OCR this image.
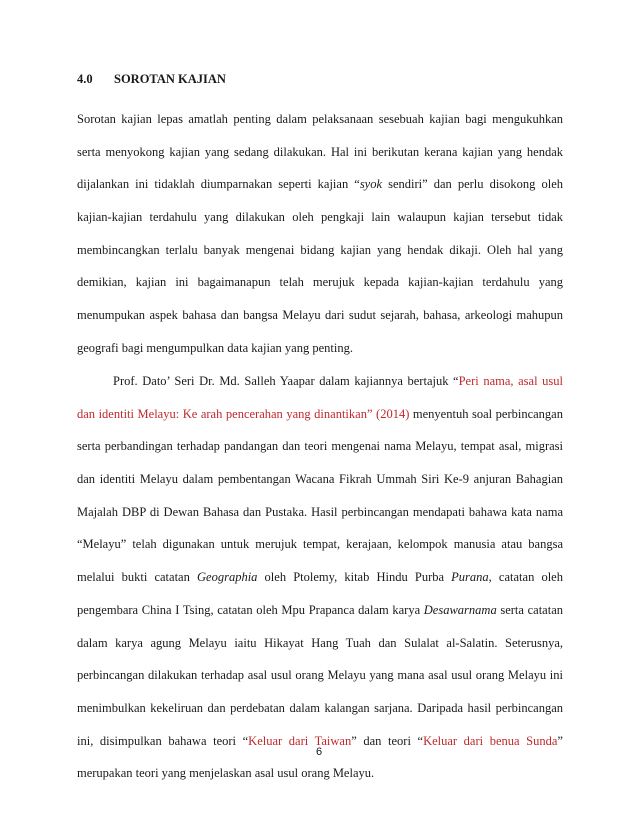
4.0 SOROTAN KAJIAN
Sorotan kajian lepas amatlah penting dalam pelaksanaan sesebuah kajian bagi mengukuhkan
serta menyokong kajian yang sedang dilakukan. Hal ini berikutan kerana kajian yang hendak
dijalankan ini tidaklah diumparnakan seperti kajian “syok sendiri” dan perlu disokong oleh
kajian-kajian terdahulu yang dilakukan oleh pengkaji lain walaupun kajian tersebut tidak
membincangkan terlalu banyak mengenai bidang kajian yang hendak dikaji. Oleh hal yang
demikian, kajian ini bagaimanapun telah merujuk kepada kajian-kajian terdahulu yang
menumpukan aspek bahasa dan bangsa Melayu dari sudut sejarah, bahasa, arkeologi mahupun
geografi bagi mengumpulkan data kajian yang penting.
Prof. Dato’ Seri Dr. Md. Salleh Yaapar dalam kajiannya bertajuk “Peri nama, asal usul
dan identiti Melayu: Ke arah pencerahan yang dinantikan” (2014) menyentuh soal perbincangan
serta perbandingan terhadap pandangan dan teori mengenai nama Melayu, tempat asal, migrasi
dan identiti Melayu dalam pembentangan Wacana Fikrah Ummah Siri Ke-9 anjuran Bahagian
Majalah DBP di Dewan Bahasa dan Pustaka. Hasil perbincangan mendapati bahawa kata nama
“Melayu” telah digunakan untuk merujuk tempat, kerajaan, kelompok manusia atau bangsa
melalui bukti catatan Geographia oleh Ptolemy, kitab Hindu Purba Purana, catatan oleh
pengembara China I Tsing, catatan oleh Mpu Prapanca dalam karya Desawarnama serta catatan
dalam karya agung Melayu iaitu Hikayat Hang Tuah dan Sulalat al-Salatin. Seterusnya,
perbincangan dilakukan terhadap asal usul orang Melayu yang mana asal usul orang Melayu ini
menimbulkan kekeliruan dan perdebatan dalam kalangan sarjana. Daripada hasil perbincangan
ini, disimpulkan bahawa teori “Keluar dari Taiwan” dan teori “Keluar dari benua Sunda”
merupakan teori yang menjelaskan asal usul orang Melayu.
6
